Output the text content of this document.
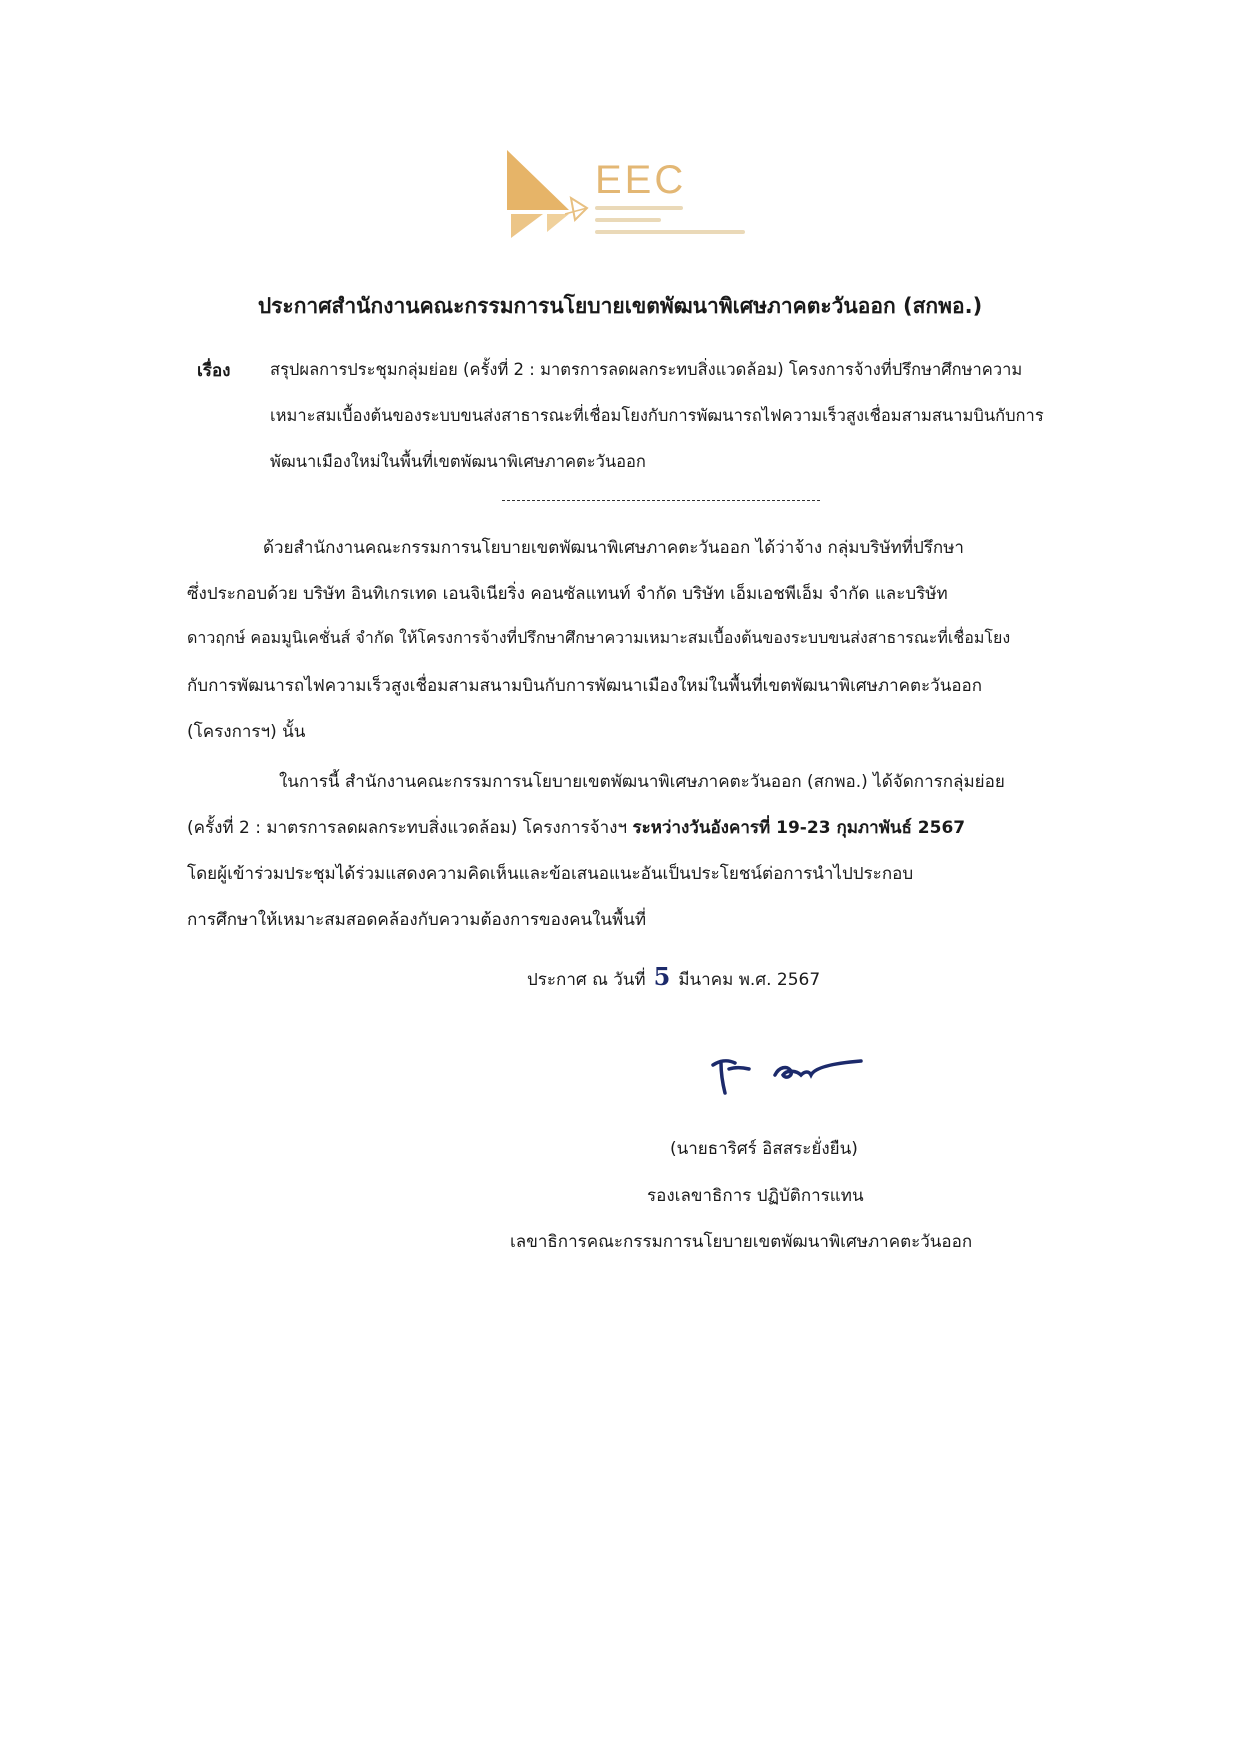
EEC
ประกาศสำนักงานคณะกรรมการนโยบายเขตพัฒนาพิเศษภาคตะวันออก (สกพอ.)
เรื่อง สรุปผลการประชุมกลุ่มย่อย (ครั้งที่ 2 : มาตรการลดผลกระทบสิ่งแวดล้อม) โครงการจ้างที่ปรึกษาศึกษาความ
เหมาะสมเบื้องต้นของระบบขนส่งสาธารณะที่เชื่อมโยงกับการพัฒนารถไฟความเร็วสูงเชื่อมสามสนามบินกับการ
พัฒนาเมืองใหม่ในพื้นที่เขตพัฒนาพิเศษภาคตะวันออก
ด้วยสำนักงานคณะกรรมการนโยบายเขตพัฒนาพิเศษภาคตะวันออก ได้ว่าจ้าง กลุ่มบริษัทที่ปรึกษา
ซึ่งประกอบด้วย บริษัท อินทิเกรเทด เอนจิเนียริ่ง คอนซัลแทนท์ จำกัด บริษัท เอ็มเอชพีเอ็ม จำกัด และบริษัท
ดาวฤกษ์ คอมมูนิเคชั่นส์ จำกัด ให้โครงการจ้างที่ปรึกษาศึกษาความเหมาะสมเบื้องต้นของระบบขนส่งสาธารณะที่เชื่อมโยง
กับการพัฒนารถไฟความเร็วสูงเชื่อมสามสนามบินกับการพัฒนาเมืองใหม่ในพื้นที่เขตพัฒนาพิเศษภาคตะวันออก
(โครงการฯ) นั้น
ในการนี้ สำนักงานคณะกรรมการนโยบายเขตพัฒนาพิเศษภาคตะวันออก (สกพอ.) ได้จัดการกลุ่มย่อย
(ครั้งที่ 2 : มาตรการลดผลกระทบสิ่งแวดล้อม) โครงการจ้างฯ ระหว่างวันอังคารที่ 19-23 กุมภาพันธ์ 2567
โดยผู้เข้าร่วมประชุมได้ร่วมแสดงความคิดเห็นและข้อเสนอแนะอันเป็นประโยชน์ต่อการนำไปประกอบ
การศึกษาให้เหมาะสมสอดคล้องกับความต้องการของคนในพื้นที่
ประกาศ ณ วันที่ 5 มีนาคม พ.ศ. 2567
(นายธาริศร์ อิสสระยั่งยืน)
รองเลขาธิการ ปฏิบัติการแทน
เลขาธิการคณะกรรมการนโยบายเขตพัฒนาพิเศษภาคตะวันออก
